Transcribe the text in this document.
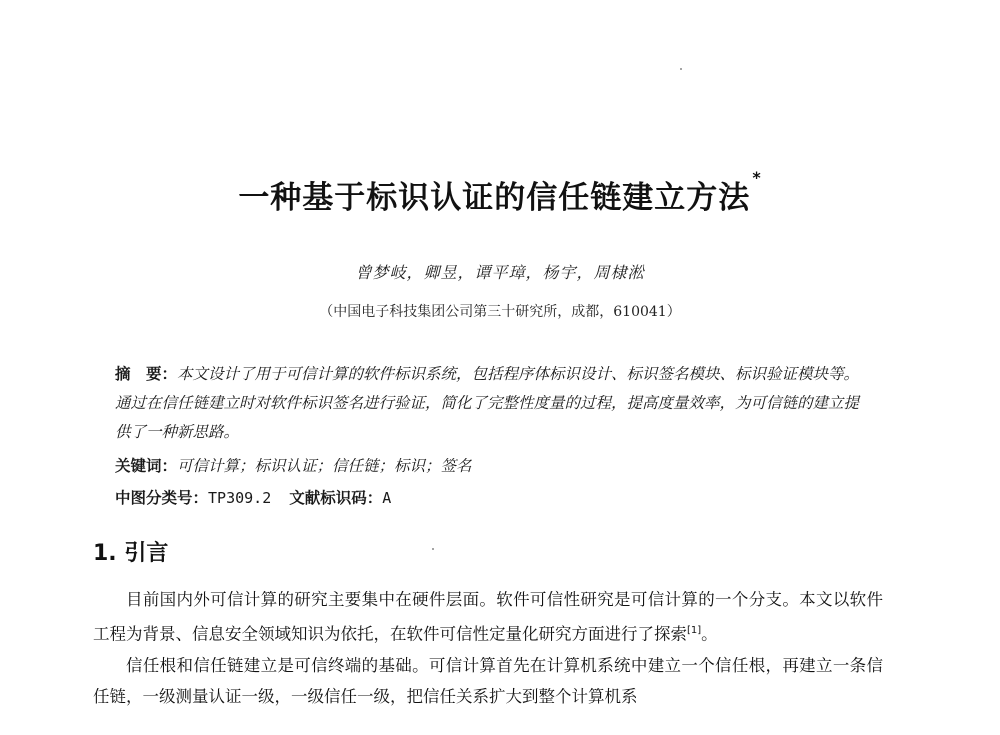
一种基于标识认证的信任链建立方法*
曾梦岐，卿昱，谭平璋，杨宇，周棣淞
（中国电子科技集团公司第三十研究所，成都，610041）

摘　要：本文设计了用于可信计算的软件标识系统，包括程序体标识设计、标识签名模块、标识验证模块等。通过在信任链建立时对软件标识签名进行验证，简化了完整性度量的过程，提高度量效率，为可信链的建立提供了一种新思路。

关键词：可信计算；标识认证；信任链；标识；签名
中图分类号：TP309.2 文献标识码：A
1. 引言

目前国内外可信计算的研究主要集中在硬件层面。软件可信性研究是可信计算的一个分支。本文以软件工程为背景、信息安全领域知识为依托，在软件可信性定量化研究方面进行了探索[1]。

信任根和信任链建立是可信终端的基础。可信计算首先在计算机系统中建立一个信任根，再建立一条信任链，一级测量认证一级，一级信任一级，把信任关系扩大到整个计算机系
